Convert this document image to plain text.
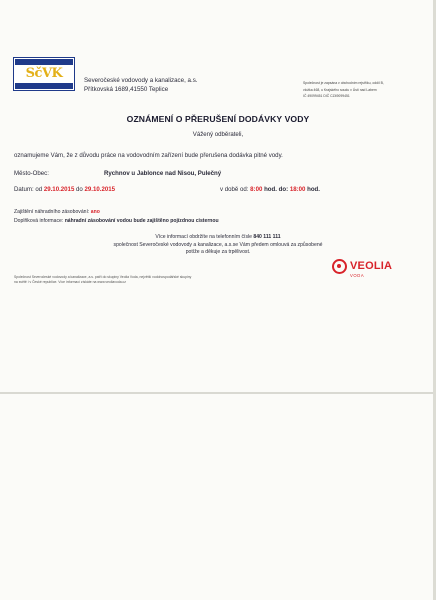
SčVK	Severočeské vodovody a kanalizace, a.s.
Přítkovská 1689,41550 Teplice
Společnost je zapsána v obchodním rejstříku, oddíl B,
vložka 468, u Krajského soudu v Ústí nad Labem
IČ 49099451 DIČ CZ49099451
OZNÁMENÍ O PŘERUŠENÍ DODÁVKY VODY
Vážený odběrateli,
oznamujeme Vám, že z důvodu práce na vodovodním zařízení bude přerušena dodávka pitné vody.
Město-Obec:	Rychnov u Jablonce nad Nisou, Pulečný
Datum: od 29.10.2015 do 29.10.2015	v době od: 8:00 hod. do: 18:00 hod.
Zajištění náhradního zásobování: ano
Doplňková informace: náhradní zásobování vodou bude zajištěno pojízdnou cisternou
Více informací obdržíte na telefonním čísle 840 111 111
společnost Severočeské vodovody a kanalizace, a.s.se Vám předem omlouvá za způsobené
potíže a děkuje za trpělivost.
Společnost Severočeské vodovody a kanalizace, a.s. patří do skupiny Veolia Voda, největší vodohospodářské skupiny
na světě i v České republice. Více informací získáte na www.veoliavoda.cz
VEOLIA
VODA
